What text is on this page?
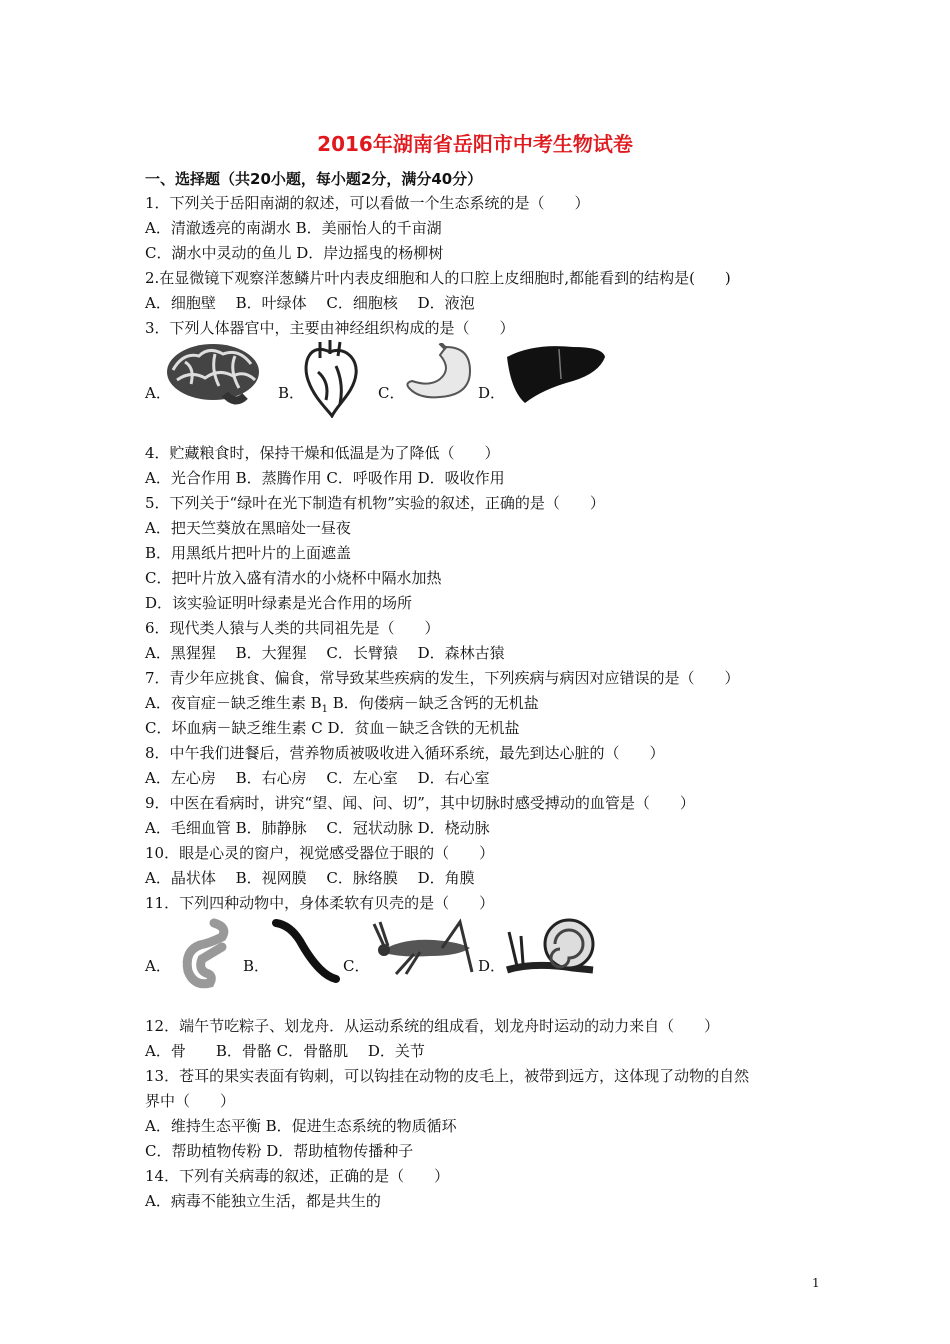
2016年湖南省岳阳市中考生物试卷
一、选择题（共20小题，每小题2分，满分40分）
1．下列关于岳阳南湖的叙述，可以看做一个生态系统的是（　　）
A．清澈透亮的南湖水 B．美丽怡人的千亩湖
C．湖水中灵动的鱼儿 D．岸边摇曳的杨柳树
2.在显微镜下观察洋葱鳞片叶内表皮细胞和人的口腔上皮细胞时,都能看到的结构是(　　)
A．细胞壁　 B．叶绿体　 C．细胞核　 D．液泡
3．下列人体器官中，主要由神经组织构成的是（　　）
A．	B．	C．	D．
4．贮藏粮食时，保持干燥和低温是为了降低（　　）
A．光合作用 B．蒸腾作用 C．呼吸作用 D．吸收作用
5．下列关于“绿叶在光下制造有机物”实验的叙述，正确的是（　　）
A．把天竺葵放在黑暗处一昼夜
B．用黑纸片把叶片的上面遮盖
C．把叶片放入盛有清水的小烧杯中隔水加热
D．该实验证明叶绿素是光合作用的场所
6．现代类人猿与人类的共同祖先是（　　）
A．黑猩猩　 B．大猩猩　 C．长臂猿　 D．森林古猿
7．青少年应挑食、偏食，常导致某些疾病的发生，下列疾病与病因对应错误的是（　　）
A．夜盲症－缺乏维生素 $B_1$ B．佝偻病－缺乏含钙的无机盐
C．坏血病－缺乏维生素 C D．贫血－缺乏含铁的无机盐
8．中午我们进餐后，营养物质被吸收进入循环系统，最先到达心脏的（　　）
A．左心房　 B．右心房　 C．左心室　 D．右心室
9．中医在看病时，讲究“望、闻、问、切”，其中切脉时感受搏动的血管是（　　）
A．毛细血管 B．肺静脉　 C．冠状动脉 D．桡动脉
10．眼是心灵的窗户，视觉感受器位于眼的（　　）
A．晶状体　 B．视网膜　 C．脉络膜　 D．角膜
11．下列四种动物中，身体柔软有贝壳的是（　　）
A．	B．	C．	D．
12．端午节吃粽子、划龙舟．从运动系统的组成看，划龙舟时运动的动力来自（　　）
A．骨　　B．骨骼 C．骨骼肌　 D．关节
13．苍耳的果实表面有钩刺，可以钩挂在动物的皮毛上，被带到远方，这体现了动物的自然
界中（　　）
A．维持生态平衡 B．促进生态系统的物质循环
C．帮助植物传粉 D．帮助植物传播种子
14．下列有关病毒的叙述，正确的是（　　）
A．病毒不能独立生活，都是共生的
1
